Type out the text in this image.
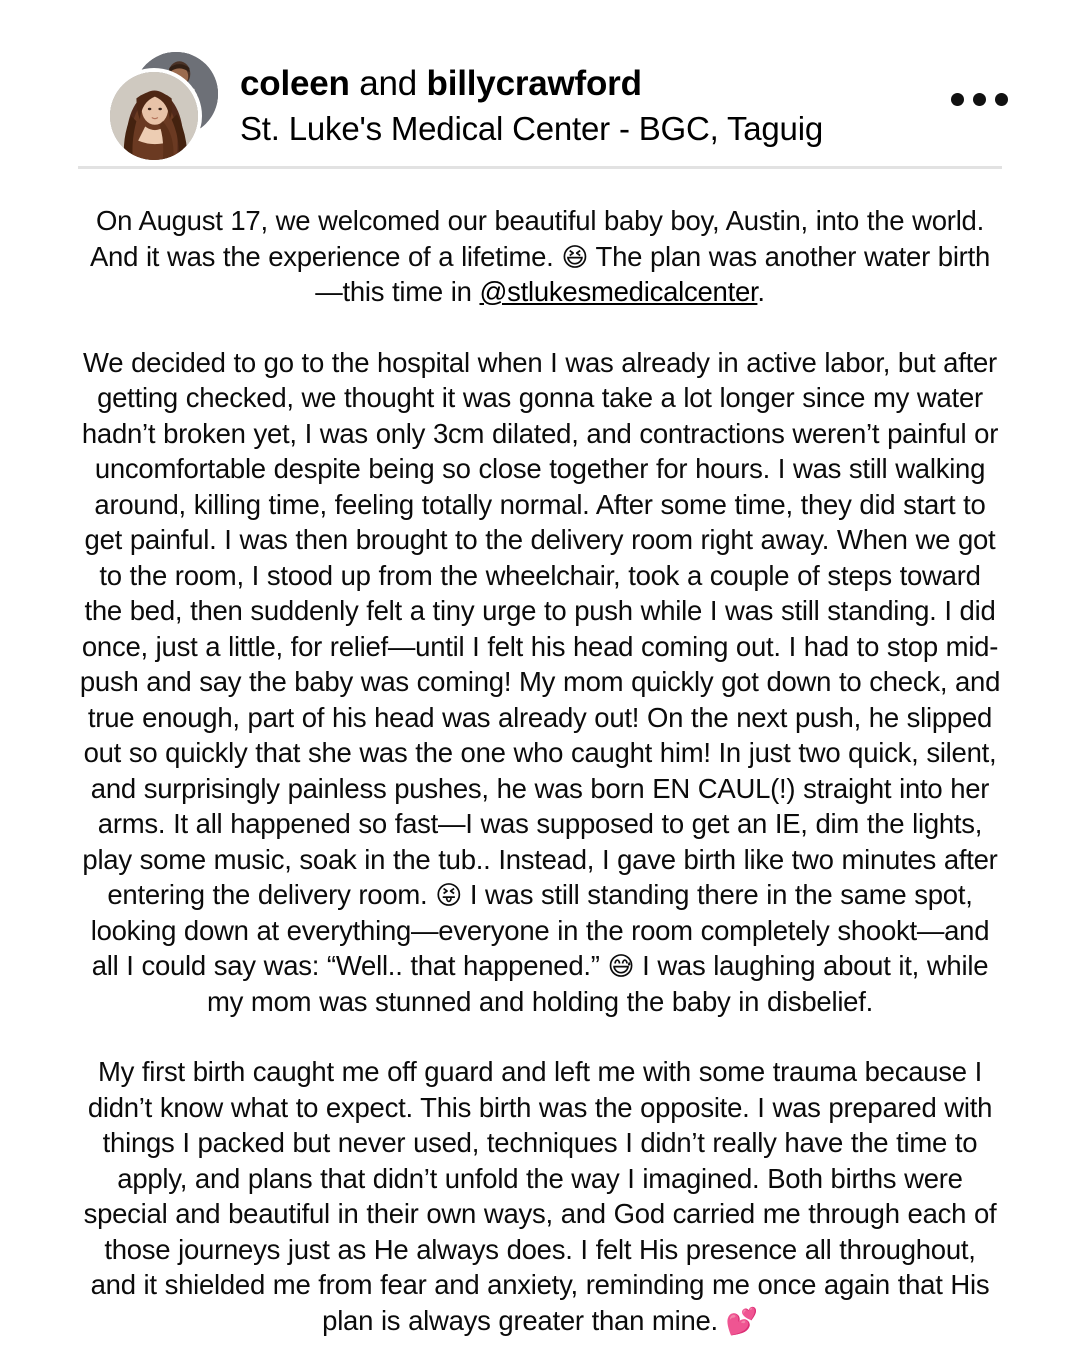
coleen and billycrawford
St. Luke's Medical Center - BGC, Taguig

On August 17, we welcomed our beautiful baby boy, Austin, into the world. And it was the experience of a lifetime. 😆 The plan was another water birth—this time in @stlukesmedicalcenter.

We decided to go to the hospital when I was already in active labor, but after getting checked, we thought it was gonna take a lot longer since my water hadn’t broken yet, I was only 3cm dilated, and contractions weren’t painful or uncomfortable despite being so close together for hours. I was still walking around, killing time, feeling totally normal. After some time, they did start to get painful. I was then brought to the delivery room right away. When we got to the room, I stood up from the wheelchair, took a couple of steps toward the bed, then suddenly felt a tiny urge to push while I was still standing. I did once, just a little, for relief—until I felt his head coming out. I had to stop mid-push and say the baby was coming! My mom quickly got down to check, and true enough, part of his head was already out! On the next push, he slipped out so quickly that she was the one who caught him! In just two quick, silent, and surprisingly painless pushes, he was born EN CAUL(!) straight into her arms. It all happened so fast—I was supposed to get an IE, dim the lights, play some music, soak in the tub.. Instead, I gave birth like two minutes after entering the delivery room. 😝 I was still standing there in the same spot, looking down at everything—everyone in the room completely shookt—and all I could say was: “Well.. that happened.” 😅 I was laughing about it, while my mom was stunned and holding the baby in disbelief.

My first birth caught me off guard and left me with some trauma because I didn’t know what to expect. This birth was the opposite. I was prepared with things I packed but never used, techniques I didn’t really have the time to apply, and plans that didn’t unfold the way I imagined. Both births were special and beautiful in their own ways, and God carried me through each of those journeys just as He always does. I felt His presence all throughout, and it shielded me from fear and anxiety, reminding me once again that His plan is always greater than mine. 💕
